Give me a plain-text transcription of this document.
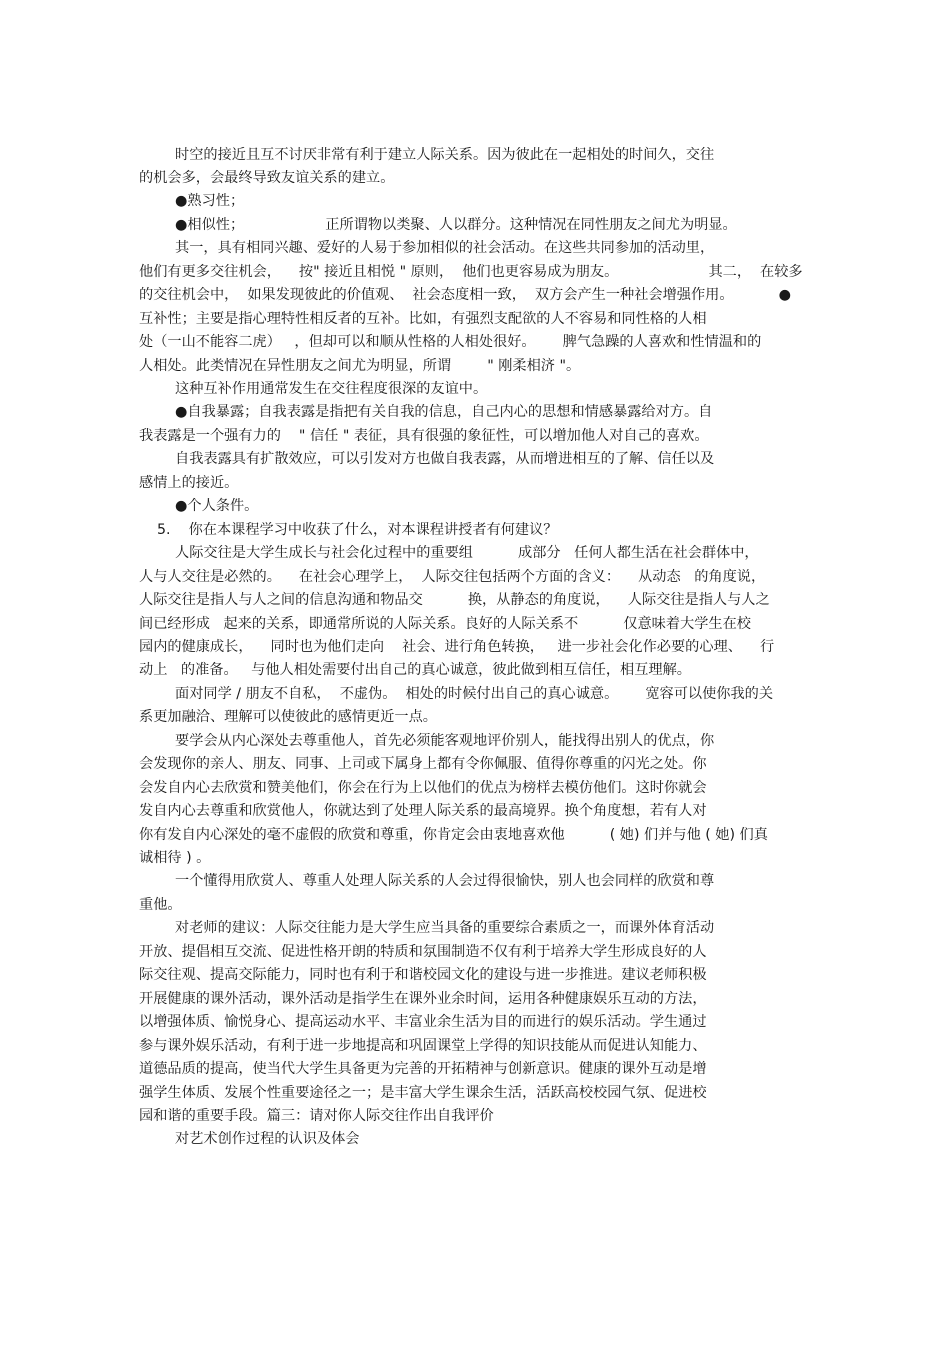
时空的接近且互不讨厌非常有利于建立人际关系。因为彼此在一起相处的时间久，交往
的机会多，会最终导致友谊关系的建立。
●熟习性；
●相似性；                  正所谓物以类聚、人以群分。这种情况在同性朋友之间尤为明显。
其一，具有相同兴趣、爱好的人易于参加相似的社会活动。在这些共同参加的活动里，
他们有更多交往机会，    按" 接近且相悦 " 原则，  他们也更容易成为朋友。                    其二，  在较多
的交往机会中，  如果发现彼此的价值观、  社会态度相一致，  双方会产生一种社会增强作用。          ●
互补性；主要是指心理特性相反者的互补。比如，有强烈支配欲的人不容易和同性格的人相
处（一山不能容二虎）   ，但却可以和顺从性格的人相处很好。      脾气急躁的人喜欢和性情温和的
人相处。此类情况在异性朋友之间尤为明显，所谓        " 刚柔相济 "。
这种互补作用通常发生在交往程度很深的友谊中。
●自我暴露；自我表露是指把有关自我的信息，自己内心的思想和情感暴露给对方。自
我表露是一个强有力的    " 信任 " 表征，具有很强的象征性，可以增加他人对自己的喜欢。
自我表露具有扩散效应，可以引发对方也做自我表露，从而增进相互的了解、信任以及
感情上的接近。
●个人条件。
5.    你在本课程学习中收获了什么，对本课程讲授者有何建议？
人际交往是大学生成长与社会化过程中的重要组          成部分   任何人都生活在社会群体中，
人与人交往是必然的。    在社会心理学上，  人际交往包括两个方面的含义：    从动态   的角度说，
人际交往是指人与人之间的信息沟通和物品交          换，从静态的角度说，    人际交往是指人与人之
间已经形成   起来的关系，即通常所说的人际关系。良好的人际关系不          仅意味着大学生在校
园内的健康成长，    同时也为他们走向    社会、进行角色转换，   进一步社会化作必要的心理、    行
动上   的准备。   与他人相处需要付出自己的真心诚意，彼此做到相互信任，相互理解。
面对同学 / 朋友不自私，  不虚伪。  相处的时候付出自己的真心诚意。      宽容可以使你我的关
系更加融洽、理解可以使彼此的感情更近一点。
要学会从内心深处去尊重他人，首先必须能客观地评价别人，能找得出别人的优点，你
会发现你的亲人、朋友、同事、上司或下属身上都有令你佩服、值得你尊重的闪光之处。你
会发自内心去欣赏和赞美他们，你会在行为上以他们的优点为榜样去模仿他们。这时你就会
发自内心去尊重和欣赏他人，你就达到了处理人际关系的最高境界。换个角度想，若有人对
你有发自内心深处的毫不虚假的欣赏和尊重，你肯定会由衷地喜欢他          ( 她) 们并与他 ( 她) 们真
诚相待 ) 。
一个懂得用欣赏人、尊重人处理人际关系的人会过得很愉快，别人也会同样的欣赏和尊
重他。
对老师的建议：人际交往能力是大学生应当具备的重要综合素质之一，而课外体育活动
开放、提倡相互交流、促进性格开朗的特质和氛围制造不仅有利于培养大学生形成良好的人
际交往观、提高交际能力，同时也有利于和谐校园文化的建设与进一步推进。建议老师积极
开展健康的课外活动，课外活动是指学生在课外业余时间，运用各种健康娱乐互动的方法，
以增强体质、愉悦身心、提高运动水平、丰富业余生活为目的而进行的娱乐活动。学生通过
参与课外娱乐活动，有利于进一步地提高和巩固课堂上学得的知识技能从而促进认知能力、
道德品质的提高，使当代大学生具备更为完善的开拓精神与创新意识。健康的课外互动是增
强学生体质、发展个性重要途径之一；是丰富大学生课余生活，活跃高校校园气氛、促进校
园和谐的重要手段。篇三：请对你人际交往作出自我评价
对艺术创作过程的认识及体会
